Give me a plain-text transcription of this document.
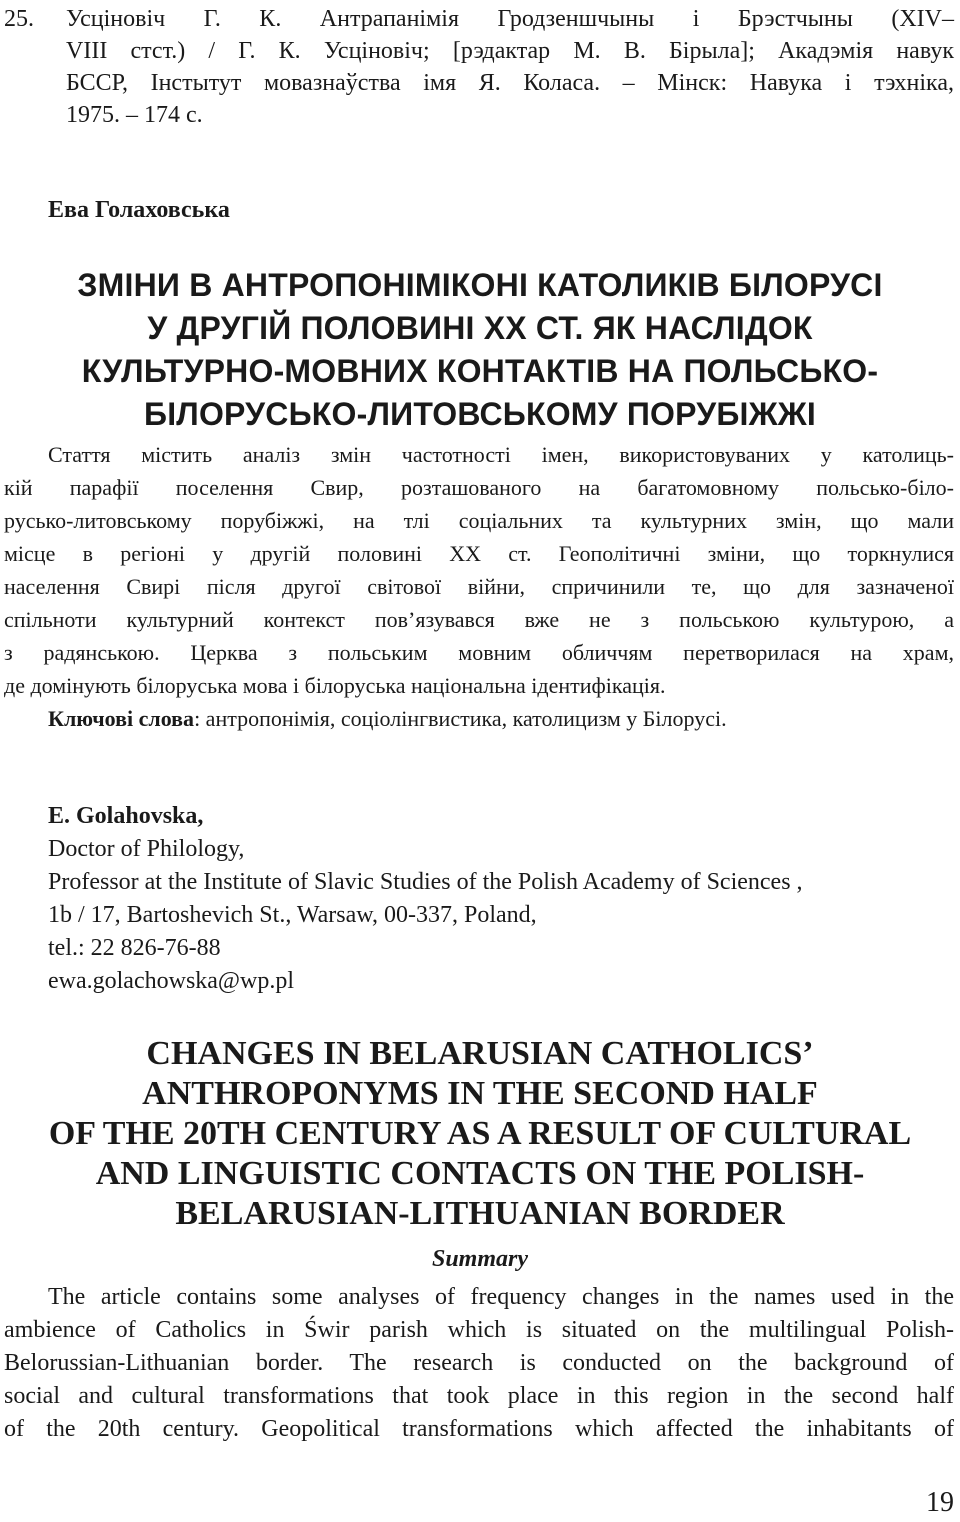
25. Усціновіч Г. К. Антрапанімія Гродзеншчыны і Брэстчыны (XIV–
VIII стст.) / Г. К. Усціновіч; [рэдактар М. В. Бірыла]; Акадэмія навук
БССР, Інстытут мовазнаўства імя Я. Коласа. – Мінск: Навука і тэхніка,
1975. – 174 с.
Ева Голаховська
ЗМІНИ В АНТРОПОНІМІКОНІ КАТОЛИКІВ БІЛОРУСІ
У ДРУГІЙ ПОЛОВИНІ ХХ СТ. ЯК НАСЛІДОК
КУЛЬТУРНО-МОВНИХ КОНТАКТІВ НА ПОЛЬСЬКО-
БІЛОРУСЬКО-ЛИТОВСЬКОМУ ПОРУБІЖЖІ
Стаття містить аналіз змін частотності імен, використовуваних у католиць-
кій парафії поселення Свир, розташованого на багатомовному польсько-біло-
русько-литовському порубіжжі, на тлі соціальних та культурних змін, що мали
місце в регіоні у другій половині ХХ ст. Геополітичні зміни, що торкнулися
населення Свирі після другої світової війни, спричинили те, що для зазначеної
спільноти культурний контекст пов’язувався вже не з польською культурою, а
з радянською. Церква з польським мовним обличчям перетворилася на храм,
де домінують білоруська мова і білоруська національна ідентифікація.
Ключові слова: антропонімія, соціолінгвистика, католицизм у Білорусі.
E. Golahovska,
Doctor of Philology,
Professor at the Institute of Slavic Studies of the Polish Academy of Sciences ,
1b / 17, Bartoshevich St., Warsaw, 00-337, Poland,
tel.: 22 826-76-88
ewa.golachowska@wp.pl
CHANGES IN BELARUSIAN CATHOLICS’
ANTHROPONYMS IN THE SECOND HALF
OF THE 20TH CENTURY AS A RESULT OF CULTURAL
AND LINGUISTIC CONTACTS ON THE POLISH-
BELARUSIAN-LITHUANIAN BORDER
Summary
The article contains some analyses of frequency changes in the names used in the
ambience of Catholics in Świr parish which is situated on the multilingual Polish-
Belorussian-Lithuanian border. The research is conducted on the background of
social and cultural transformations that took place in this region in the second half
of the 20th century. Geopolitical transformations which affected the inhabitants of
19
